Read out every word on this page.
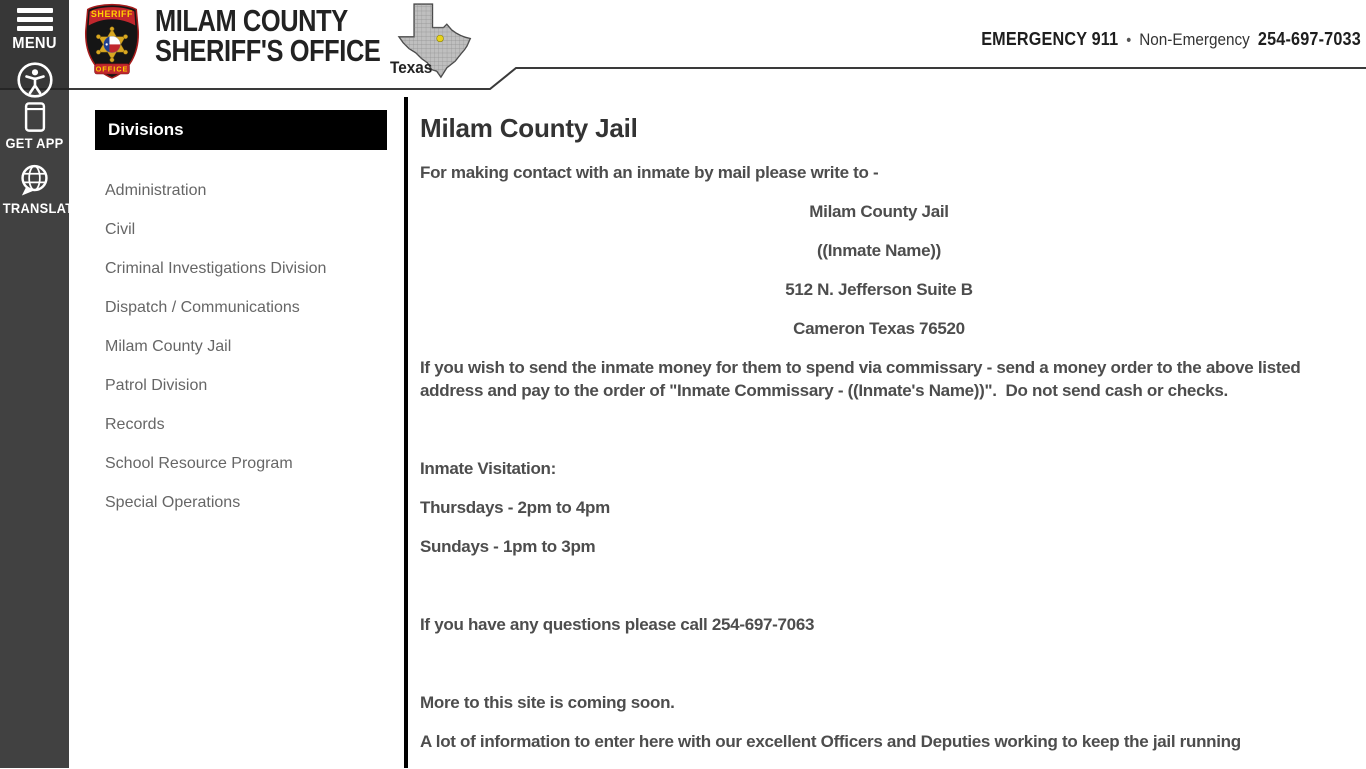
MENU
GET APP
TRANSLATE
SHERIFF
OFFICE
MILAM COUNTY
SHERIFF'S OFFICE Texas
EMERGENCY 911 • Non-Emergency 254-697-7033
Divisions
Administration
Civil
Criminal Investigations Division
Dispatch / Communications
Milam County Jail
Patrol Division
Records
School Resource Program
Special Operations
Milam County Jail

For making contact with an inmate by mail please write to -

Milam County Jail

((Inmate Name))

512 N. Jefferson Suite B

Cameron Texas 76520

If you wish to send the inmate money for them to spend via commissary - send a money order to the above listed address and pay to the order of "Inmate Commissary - ((Inmate's Name))".  Do not send cash or checks.

Inmate Visitation:

Thursdays - 2pm to 4pm

Sundays - 1pm to 3pm

If you have any questions please call 254-697-7063

More to this site is coming soon.

A lot of information to enter here with our excellent Officers and Deputies working to keep the jail running
